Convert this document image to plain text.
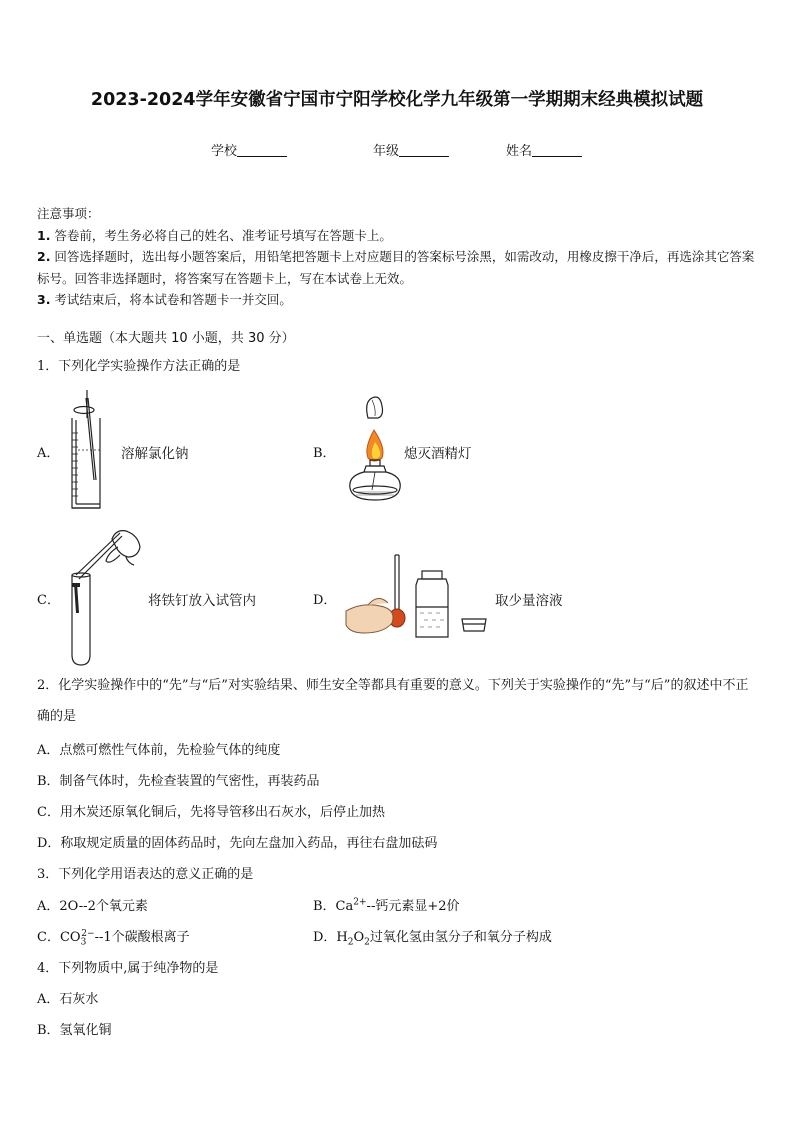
2023-2024学年安徽省宁国市宁阳学校化学九年级第一学期期末经典模拟试题
学校	年级	姓名
注意事项：
1. 答卷前，考生务必将自己的姓名、准考证号填写在答题卡上。
2. 回答选择题时，选出每小题答案后，用铅笔把答题卡上对应题目的答案标号涂黑，如需改动，用橡皮擦干净后，再选涂其它答案标号。回答非选择题时，将答案写在答题卡上，写在本试卷上无效。
3. 考试结束后，将本试卷和答题卡一并交回。
一、单选题（本大题共 10 小题，共 30 分）
1．下列化学实验操作方法正确的是
A．	溶解氯化钠	B．	熄灭酒精灯
C．	将铁钉放入试管内	D．	取少量溶液
2．化学实验操作中的“先”与“后”对实验结果、师生安全等都具有重要的意义。下列关于实验操作的“先”与“后”的叙述中不正确的是
A．点燃可燃性气体前，先检验气体的纯度
B．制备气体时，先检查装置的气密性，再装药品
C．用木炭还原氧化铜后，先将导管移出石灰水，后停止加热
D．称取规定质量的固体药品时，先向左盘加入药品，再往右盘加砝码
3．下列化学用语表达的意义正确的是
A．2O--2个氧元素	B．$Ca^{2+}--$钙元素显+2价
C．$CO_3^{2-}--1$个碳酸根离子	D．$H_2O_2$过氧化氢由氢分子和氧分子构成
4．下列物质中,属于纯净物的是
A．石灰水
B．氢氧化铜
